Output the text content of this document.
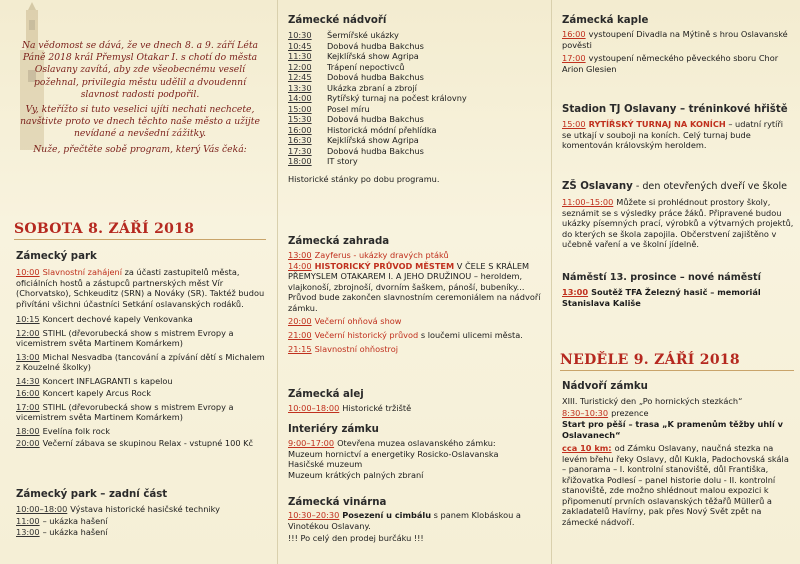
Na vědomost se dává, že ve dnech 8. a 9. září Léta Páně 2018 král Přemysl Otakar I. s chotí do města Oslavany zavítá, aby zde všeobecnému veselí požehnal, privilegia městu udělil a dvoudenní slavnost radosti podpořil.

Vy, kteřížto si tuto veselici ujíti nechati nechcete, navštivte proto ve dnech těchto naše město a užijte nevídané a nevšední zážitky.

Nuže, přečtěte sobě program, který Vás čeká:

SOBOTA 8. ZÁŘÍ 2018
Zámecký park
10:00 Slavnostní zahájení za účasti zastupitelů města, oficiálních hostů a zástupců partnerských měst Vír (Chorvatsko), Schkeuditz (SRN) a Nováky (SR). Taktéž budou přivítáni všichni účastníci Setkání oslavanských rodáků.
10:15 Koncert dechové kapely Venkovanka
12:00 STIHL (dřevorubecká show s mistrem Evropy a vicemistrem světa Martinem Komárkem)
13:00 Michal Nesvadba (tancování a zpívání dětí s Michalem z Kouzelné školky)
14:30 Koncert INFLAGRANTI s kapelou
16:00 Koncert kapely Arcus Rock
17:00 STIHL (dřevorubecká show s mistrem Evropy a vicemistrem světa Martinem Komárkem)
18:00 Evelína folk rock
20:00 Večerní zábava se skupinou Relax - vstupné 100 Kč
Zámecký park – zadní část
10:00–18:00 Výstava historické hasičské techniky
11:00 – ukázka hašení
13:00 – ukázka hašení
Zámecké nádvoří
10:30	Šermířské ukázky
10:45	Dobová hudba Bakchus
11:30	Kejklířská show Agripa
12:00	Trápení nepoctivců
12:45	Dobová hudba Bakchus
13:30	Ukázka zbraní a zbrojí
14:00	Rytířský turnaj na počest královny
15:00	Posel míru
15:30	Dobová hudba Bakchus
16:00	Historická módní přehlídka
16:30	Kejklířská show Agripa
17:30	Dobová hudba Bakchus
18:00	IT story
Historické stánky po dobu programu.
Zámecká zahrada
13:00 Zayferus - ukázky dravých ptáků
14:00 HISTORICKÝ PRŮVOD MĚSTEM V ČELE S KRÁLEM PŘEMYSLEM OTAKAREM I. A JEHO DRUŽINOU – heroldem, vlajkonoší, zbrojnoší, dvorním šaškem, pánoší, bubeníky...
Průvod bude zakončen slavnostním ceremoniálem na nádvoří zámku.
20:00 Večerní ohňová show
21:00 Večerní historický průvod s loučemi ulicemi města.
21:15 Slavnostní ohňostroj
Zámecká alej
10:00–18:00 Historické tržiště
Interiéry zámku
9:00–17:00 Otevřena muzea oslavanského zámku:
Muzeum hornictví a energetiky Rosicko-Oslavanska
Hasičské muzeum
Muzeum krátkých palných zbraní
Zámecká vinárna
10:30–20:30 Posezení u cimbálu s panem Klobáskou a Vinotékou Oslavany.
!!! Po celý den prodej burčáku !!!
Zámecká kaple
16:00 vystoupení Divadla na Mýtině s hrou Oslavanské pověsti
17:00 vystoupení německého pěveckého sboru Chor Arion Glesien
Stadion TJ Oslavany – tréninkové hřiště
15:00 RYTÍŘSKÝ TURNAJ NA KONÍCH – udatní rytíři se utkají v souboji na koních. Celý turnaj bude komentován královským heroldem.
ZŠ Oslavany - den otevřených dveří ve škole
11:00–15:00 Můžete si prohlédnout prostory školy, seznámit se s výsledky práce žáků. Připravené budou ukázky písemných prací, výrobků a výtvarných projektů, do kterých se škola zapojila. Občerstvení zajištěno v učebně vaření a ve školní jídelně.
Náměstí 13. prosince – nové náměstí
13:00 Soutěž TFA Železný hasič – memoriál Stanislava Kališe
NEDĚLE 9. ZÁŘÍ 2018
Nádvoří zámku
XIII. Turistický den „Po hornických stezkách“
8:30–10:30 prezence
Start pro pěší – trasa „K pramenům těžby uhlí v Oslavanech“
cca 10 km: od Zámku Oslavany, naučná stezka na levém břehu řeky Oslavy, důl Kukla, Padochovská skála – panorama – I. kontrolní stanoviště, důl Františka, křižovatka Podlesí – panel historie dolu - II. kontrolní stanoviště, zde možno shlédnout malou expozici k připomenutí prvních oslavanských těžařů Müllerů a zakladatelů Havírny, pak přes Nový Svět zpět na zámecké nádvoří.
